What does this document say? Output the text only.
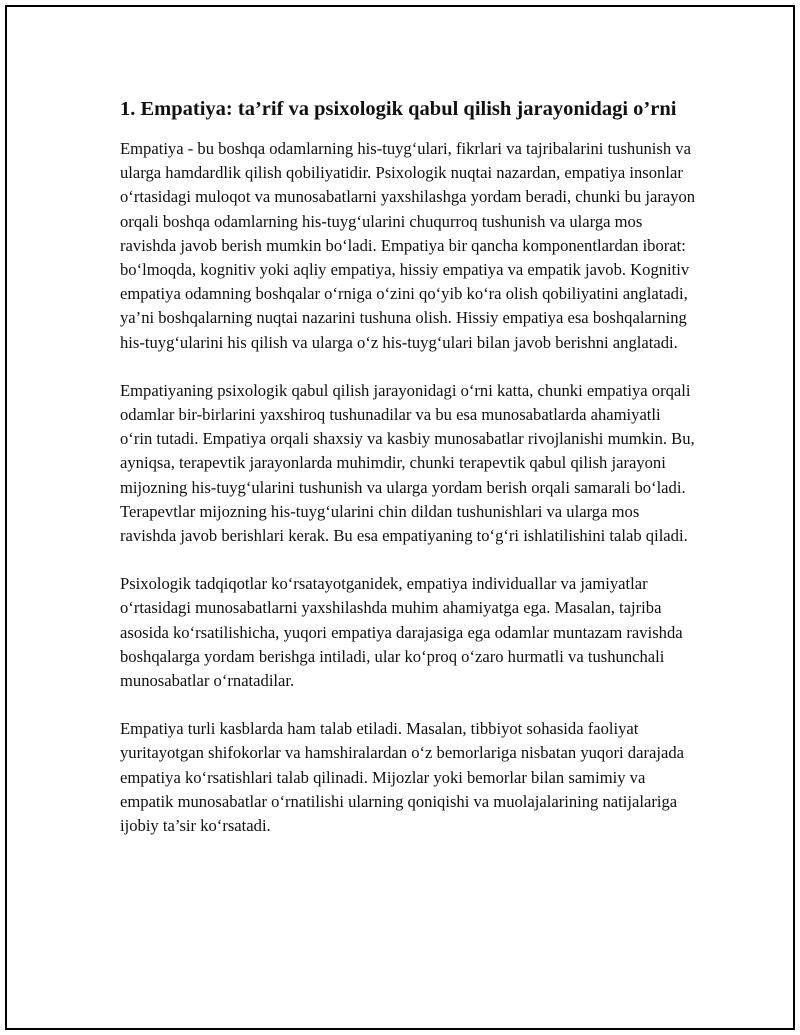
1. Empatiya: ta’rif va psixologik qabul qilish jarayonidagi o’rni

Empatiya - bu boshqa odamlarning his-tuyg‘ulari, fikrlari va tajribalarini tushunish va ularga hamdardlik qilish qobiliyatidir. Psixologik nuqtai nazardan, empatiya insonlar o‘rtasidagi muloqot va munosabatlarni yaxshilashga yordam beradi, chunki bu jarayon orqali boshqa odamlarning his-tuyg‘ularini chuqurroq tushunish va ularga mos ravishda javob berish mumkin bo‘ladi. Empatiya bir qancha komponentlardan iborat: bo‘lmoqda, kognitiv yoki aqliy empatiya, hissiy empatiya va empatik javob. Kognitiv empatiya odamning boshqalar o‘rniga o‘zini qo‘yib ko‘ra olish qobiliyatini anglatadi, ya’ni boshqalarning nuqtai nazarini tushuna olish. Hissiy empatiya esa boshqalarning his-tuyg‘ularini his qilish va ularga o‘z his-tuyg‘ulari bilan javob berishni anglatadi.

Empatiyaning psixologik qabul qilish jarayonidagi o‘rni katta, chunki empatiya orqali odamlar bir-birlarini yaxshiroq tushunadilar va bu esa munosabatlarda ahamiyatli o‘rin tutadi. Empatiya orqali shaxsiy va kasbiy munosabatlar rivojlanishi mumkin. Bu, ayniqsa, terapevtik jarayonlarda muhimdir, chunki terapevtik qabul qilish jarayoni mijozning his-tuyg‘ularini tushunish va ularga yordam berish orqali samarali bo‘ladi. Terapevtlar mijozning his-tuyg‘ularini chin dildan tushunishlari va ularga mos ravishda javob berishlari kerak. Bu esa empatiyaning to‘g‘ri ishlatilishini talab qiladi.

Psixologik tadqiqotlar ko‘rsatayotganidek, empatiya individuallar va jamiyatlar o‘rtasidagi munosabatlarni yaxshilashda muhim ahamiyatga ega. Masalan, tajriba asosida ko‘rsatilishicha, yuqori empatiya darajasiga ega odamlar muntazam ravishda boshqalarga yordam berishga intiladi, ular ko‘proq o‘zaro hurmatli va tushunchali munosabatlar o‘rnatadilar.

Empatiya turli kasblarda ham talab etiladi. Masalan, tibbiyot sohasida faoliyat yuritayotgan shifokorlar va hamshiralardan o‘z bemorlariga nisbatan yuqori darajada empatiya ko‘rsatishlari talab qilinadi. Mijozlar yoki bemorlar bilan samimiy va empatik munosabatlar o‘rnatilishi ularning qoniqishi va muolajalarining natijalariga ijobiy ta’sir ko‘rsatadi.
